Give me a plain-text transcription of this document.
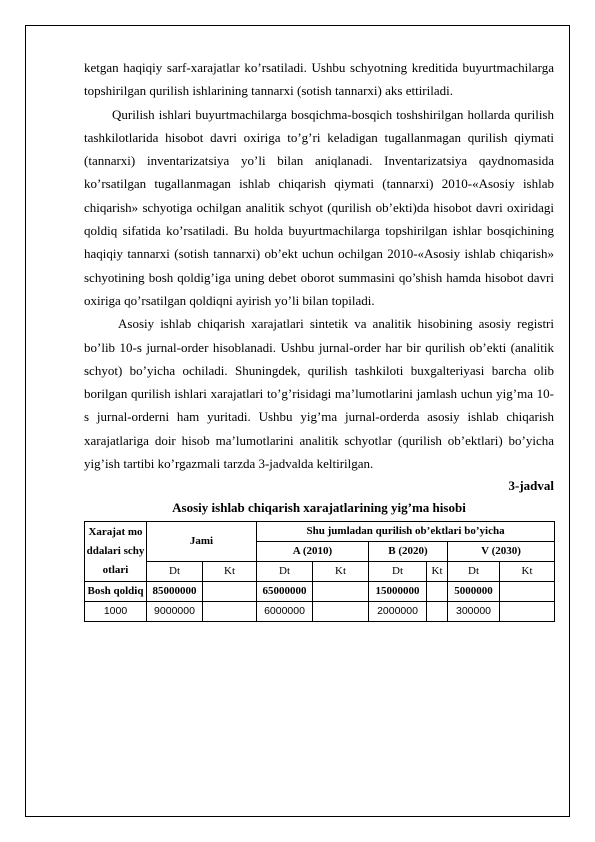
ketgan haqiqiy sarf-xarajatlar ko’rsatiladi. Ushbu schyotning kreditida buyurtmachilarga topshirilgan qurilish ishlarining tannarxi (sotish tannarxi) aks ettiriladi.

Qurilish ishlari buyurtmachilarga bosqichma-bosqich toshshirilgan hollarda qurilish tashkilotlarida hisobot davri oxiriga to’g’ri keladigan tugallanmagan qurilish qiymati (tannarxi) inventarizatsiya yo’li bilan aniqlanadi. Inventarizatsiya qaydnomasida ko’rsatilgan tugallanmagan ishlab chiqarish qiymati (tannarxi) 2010-«Asosiy ishlab chiqarish» schyotiga ochilgan analitik schyot (qurilish ob’ekti)da hisobot davri oxiridagi qoldiq sifatida ko’rsatiladi. Bu holda buyurtmachilarga topshirilgan ishlar bosqichining haqiqiy tannarxi (sotish tannarxi) ob’ekt uchun ochilgan 2010-«Asosiy ishlab chiqarish» schyotining bosh qoldig’iga uning debet oborot summasini qo’shish hamda hisobot davri oxiriga qo’rsatilgan qoldiqni ayirish yo’li bilan topiladi.

Asosiy ishlab chiqarish xarajatlari sintetik va analitik hisobining asosiy registri bo’lib 10-s jurnal-order hisoblanadi. Ushbu jurnal-order har bir qurilish ob’ekti (analitik schyot) bo’yicha ochiladi. Shuningdek, qurilish tashkiloti buxgalteriyasi barcha olib borilgan qurilish ishlari xarajatlari to’g’risidagi ma’lumotlarini jamlash uchun yig’ma 10-s jurnal-orderni ham yuritadi. Ushbu yig’ma jurnal-orderda asosiy ishlab chiqarish xarajatlariga doir hisob ma’lumotlarini analitik schyotlar (qurilish ob’ektlari) bo’yicha yig’ish tartibi ko’rgazmali tarzda 3-jadvalda keltirilgan.

3-jadval

Asosiy ishlab chiqarish xarajatlarining yig’ma hisobi

Xarajat moddalari schyotlari	Jami		Shu jumladan qurilish ob’ektlari bo’yicha					
			A (2010)		B (2020)		V (2030)	
	Dt	Kt	Dt	Kt	Dt	Kt	Dt	Kt
Bosh qoldiq	85000000		65000000		15000000		5000000	
1000	9000000		6000000		2000000		300000	
